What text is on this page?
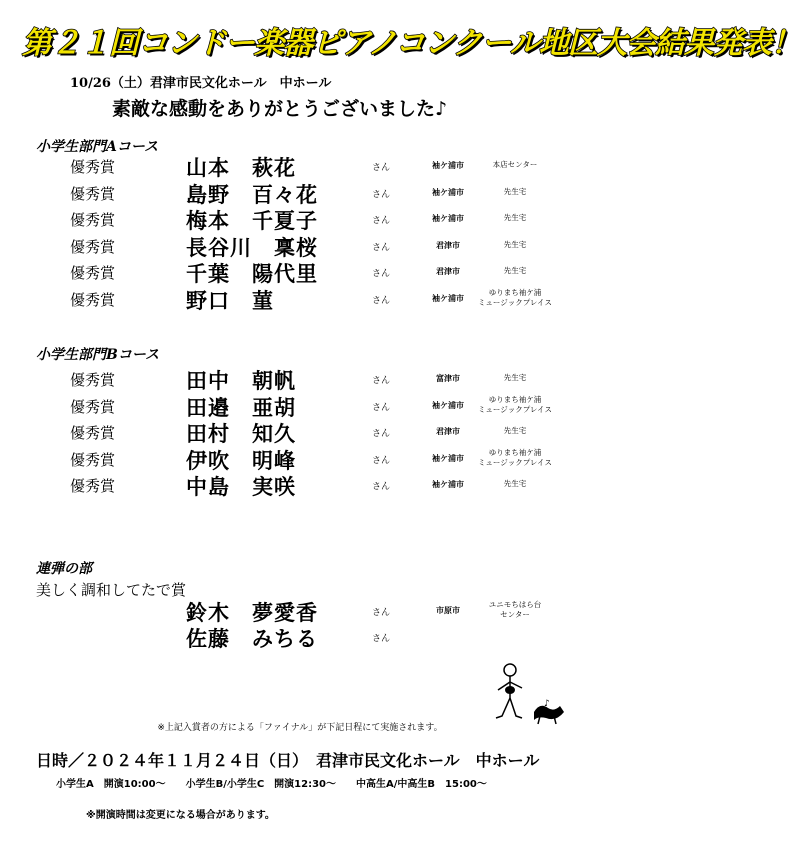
第２１回コンドー楽器ピアノコンクール地区大会結果発表！
10/26（土）君津市民文化ホール　中ホール
素敵な感動をありがとうございました♪
小学生部門Aコース
優秀賞	山本　萩花	さん	袖ケ浦市	本店センター
優秀賞	島野　百々花	さん	袖ケ浦市	先生宅
優秀賞	梅本　千夏子	さん	袖ケ浦市	先生宅
優秀賞	長谷川　稟桜	さん	君津市	先生宅
優秀賞	千葉　陽代里	さん	君津市	先生宅
優秀賞	野口　菫	さん	袖ケ浦市
ゆりまち袖ケ浦
ミュージックプレイス
小学生部門Bコース
優秀賞	田中　朝帆	さん	富津市	先生宅
優秀賞	田邉　亜胡	さん	袖ケ浦市
ゆりまち袖ケ浦
ミュージックプレイス
優秀賞	田村　知久	さん	君津市	先生宅
優秀賞	伊吹　明峰	さん	袖ケ浦市
ゆりまち袖ケ浦
ミュージックプレイス
優秀賞	中島　実咲	さん	袖ケ浦市	先生宅
連弾の部
美しく調和してたで賞
鈴木　夢愛香	さん	市原市
ユニモちはら台
センター
佐藤　みちる	さん
♪
※上記入賞者の方による「ファイナル」が下記日程にて実施されます。
日時／２０２４年１１月２４日（日）　君津市民文化ホール　中ホール
小学生A　開演10:00～　　小学生B/小学生C　開演12:30～　　中高生A/中高生B　15:00～
※開演時間は変更になる場合があります。
